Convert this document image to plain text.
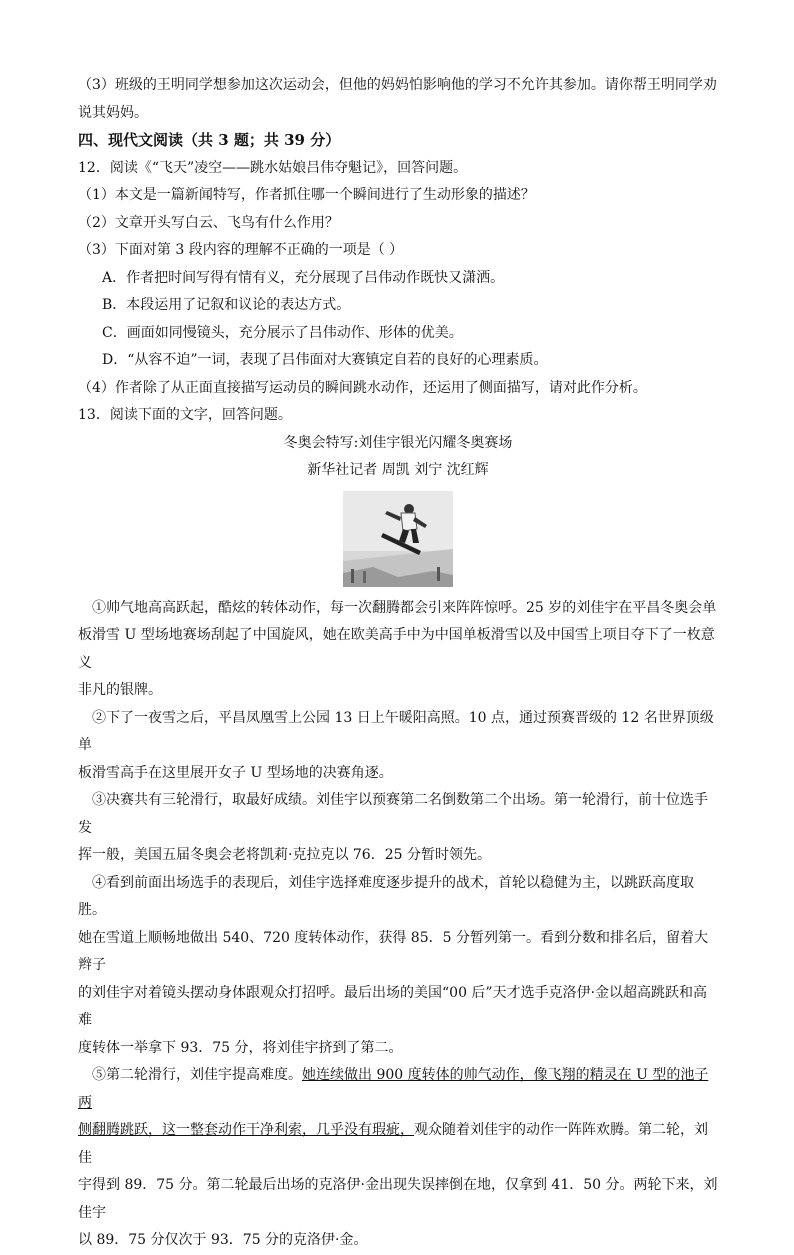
（3）班级的王明同学想参加这次运动会，但他的妈妈怕影响他的学习不允许其参加。请你帮王明同学劝

说其妈妈。

四、现代文阅读（共 3 题；共 39 分）

12．阅读《“飞天”凌空——跳水姑娘吕伟夺魁记》，回答问题。

（1）本文是一篇新闻特写，作者抓住哪一个瞬间进行了生动形象的描述？

（2）文章开头写白云、飞鸟有什么作用？

（3）下面对第 3 段内容的理解不正确的一项是（ ）

A．作者把时间写得有情有义，充分展现了吕伟动作既快又潇洒。

B．本段运用了记叙和议论的表达方式。

C．画面如同慢镜头，充分展示了吕伟动作、形体的优美。

D．“从容不迫”一词，表现了吕伟面对大赛镇定自若的良好的心理素质。

（4）作者除了从正面直接描写运动员的瞬间跳水动作，还运用了侧面描写，请对此作分析。

13．阅读下面的文字，回答问题。

冬奥会特写:刘佳宇银光闪耀冬奥赛场

新华社记者 周凯 刘宁 沈红辉

①帅气地高高跃起，酷炫的转体动作，每一次翻腾都会引来阵阵惊呼。25 岁的刘佳宇在平昌冬奥会单

板滑雪 U 型场地赛场刮起了中国旋风，她在欧美高手中为中国单板滑雪以及中国雪上项目夺下了一枚意义

非凡的银牌。

②下了一夜雪之后，平昌凤凰雪上公园 13 日上午暖阳高照。10 点，通过预赛晋级的 12 名世界顶级单

板滑雪高手在这里展开女子 U 型场地的决赛角逐。

③决赛共有三轮滑行，取最好成绩。刘佳宇以预赛第二名倒数第二个出场。第一轮滑行，前十位选手发

挥一般，美国五届冬奥会老将凯莉·克拉克以 76．25 分暂时领先。

④看到前面出场选手的表现后，刘佳宇选择难度逐步提升的战术，首轮以稳健为主，以跳跃高度取胜。

她在雪道上顺畅地做出 540、720 度转体动作，获得 85．5 分暂列第一。看到分数和排名后，留着大辫子

的刘佳宇对着镜头摆动身体跟观众打招呼。最后出场的美国“00 后”天才选手克洛伊·金以超高跳跃和高难

度转体一举拿下 93．75 分，将刘佳宇挤到了第二。

⑤第二轮滑行，刘佳宇提高难度。她连续做出 900 度转体的帅气动作，像飞翔的精灵在 U 型的池子两

侧翻腾跳跃，这一整套动作干净利索，几乎没有瑕疵，观众随着刘佳宇的动作一阵阵欢腾。第二轮，刘佳

宇得到 89．75 分。第二轮最后出场的克洛伊·金出现失误摔倒在地，仅拿到 41．50 分。两轮下来，刘佳宇

以 89．75 分仅次于 93．75 分的克洛伊·金。
